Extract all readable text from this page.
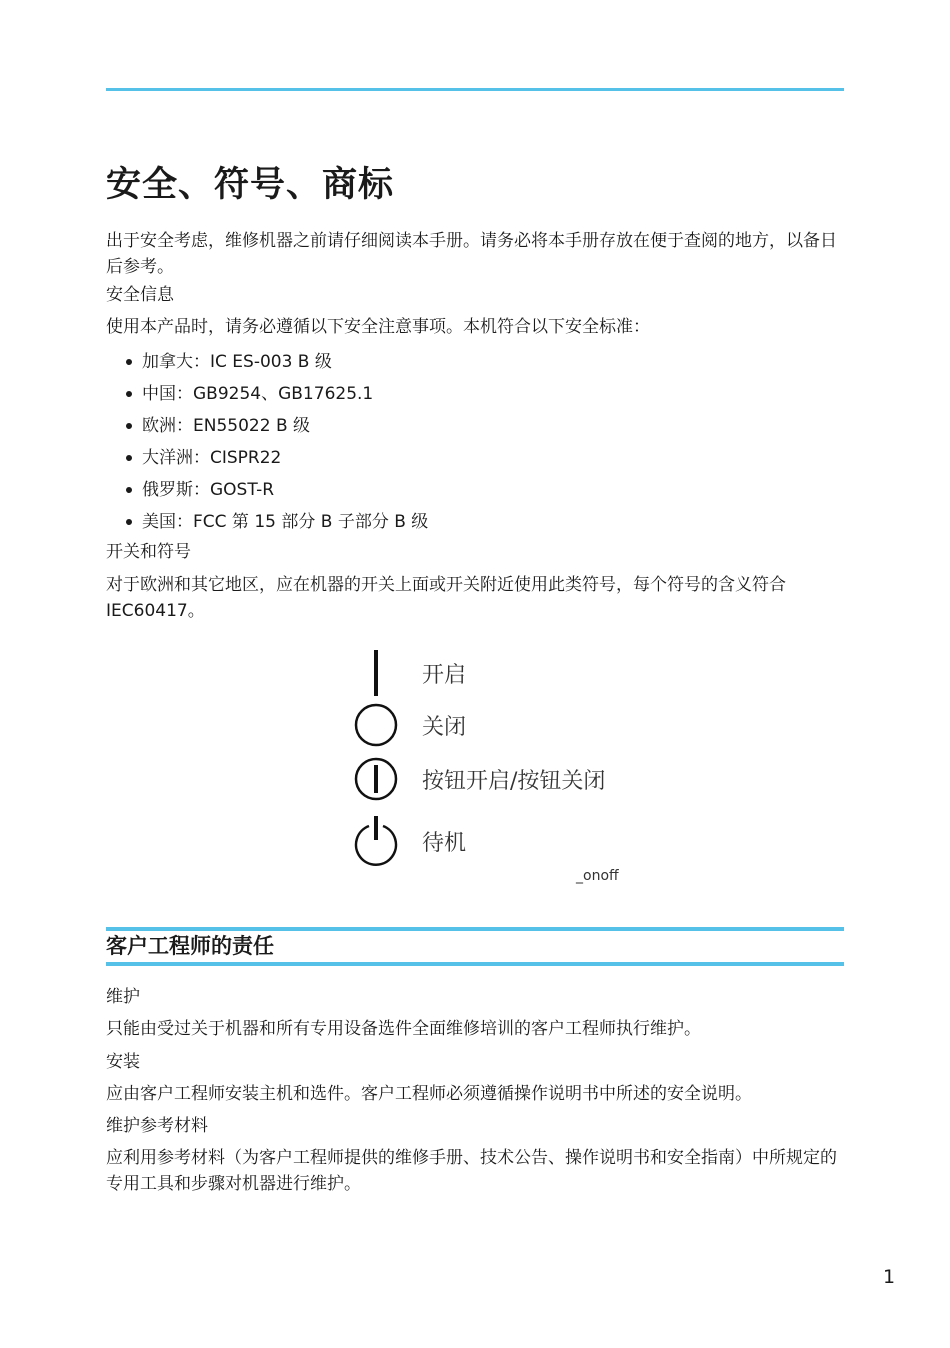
安全、符号、商标

出于安全考虑，维修机器之前请仔细阅读本手册。请务必将本手册存放在便于查阅的地方，以备日后参考。

安全信息

使用本产品时，请务必遵循以下安全注意事项。本机符合以下安全标准：

加拿大：IC ES-003 B 级
中国：GB9254、GB17625.1
欧洲：EN55022 B 级
大洋洲：CISPR22
俄罗斯：GOST-R
美国：FCC 第 15 部分 B 子部分 B 级
开关和符号

对于欧洲和其它地区，应在机器的开关上面或开关附近使用此类符号，每个符号的含义符合 IEC60417。

开启
关闭
按钮开启/按钮关闭
待机
_onoff
客户工程师的责任
维护

只能由受过关于机器和所有专用设备选件全面维修培训的客户工程师执行维护。

安装

应由客户工程师安装主机和选件。客户工程师必须遵循操作说明书中所述的安全说明。

维护参考材料

应利用参考材料（为客户工程师提供的维修手册、技术公告、操作说明书和安全指南）中所规定的专用工具和步骤对机器进行维护。

1
